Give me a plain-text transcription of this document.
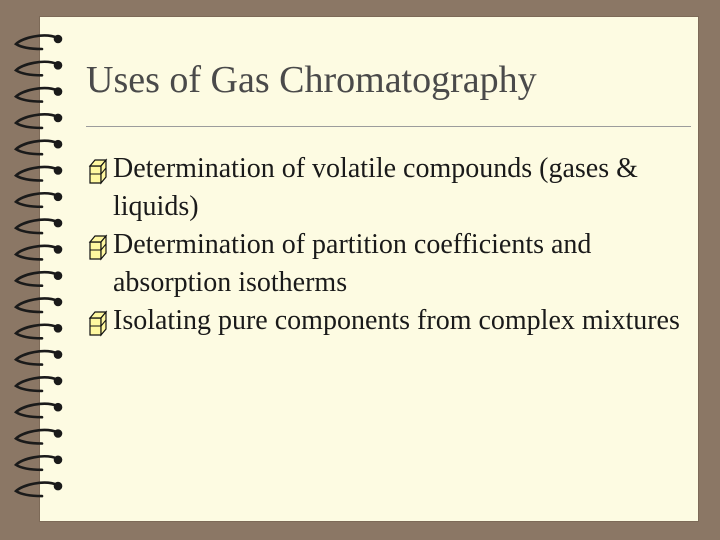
Uses of Gas Chromatography
Determination of volatile compounds (gases & liquids)
Determination of partition coefficients and absorption isotherms
Isolating pure components from complex mixtures
